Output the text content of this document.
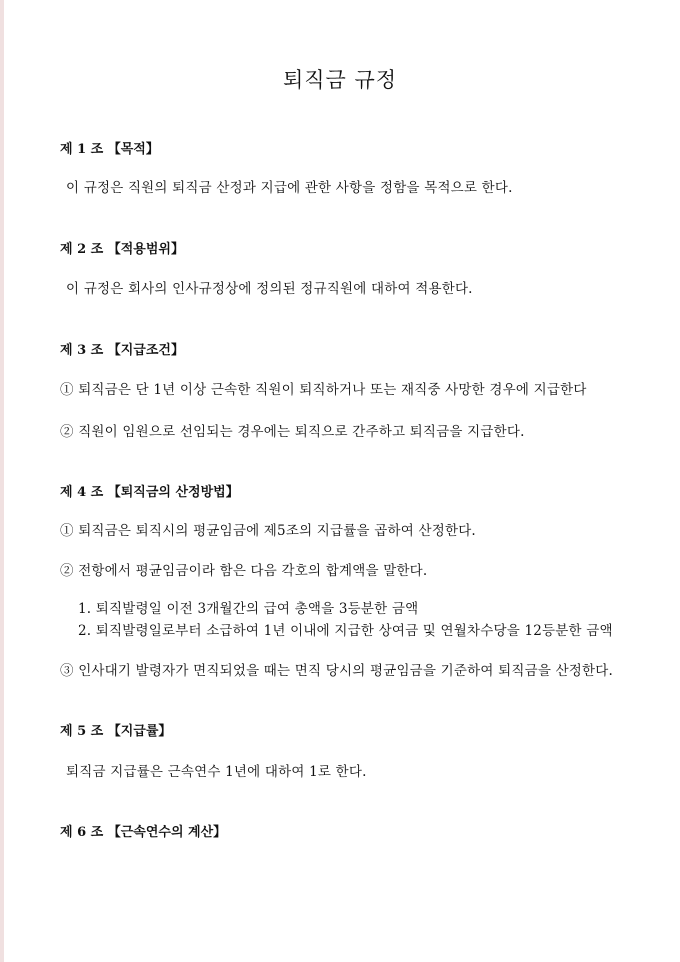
퇴직금 규정
제 1 조 【목적】
이 규정은 직원의 퇴직금 산정과 지급에 관한 사항을 정함을 목적으로 한다.
제 2 조 【적용범위】
이 규정은 회사의 인사규정상에 정의된 정규직원에 대하여 적용한다.
제 3 조 【지급조건】
① 퇴직금은 단 1년 이상 근속한 직원이 퇴직하거나 또는 재직중 사망한 경우에 지급한다
② 직원이 임원으로 선임되는 경우에는 퇴직으로 간주하고 퇴직금을 지급한다.
제 4 조 【퇴직금의 산정방법】
① 퇴직금은 퇴직시의 평균임금에 제5조의 지급률을 곱하여 산정한다.
② 전항에서 평균임금이라 함은 다음 각호의 합계액을 말한다.
1. 퇴직발령일 이전 3개월간의 급여 총액을 3등분한 금액
2. 퇴직발령일로부터 소급하여 1년 이내에 지급한 상여금 및 연월차수당을 12등분한 금액
③ 인사대기 발령자가 면직되었을 때는 면직 당시의 평균임금을 기준하여 퇴직금을 산정한다.
제 5 조 【지급률】
퇴직금 지급률은 근속연수 1년에 대하여 1로 한다.
제 6 조 【근속연수의 계산】
